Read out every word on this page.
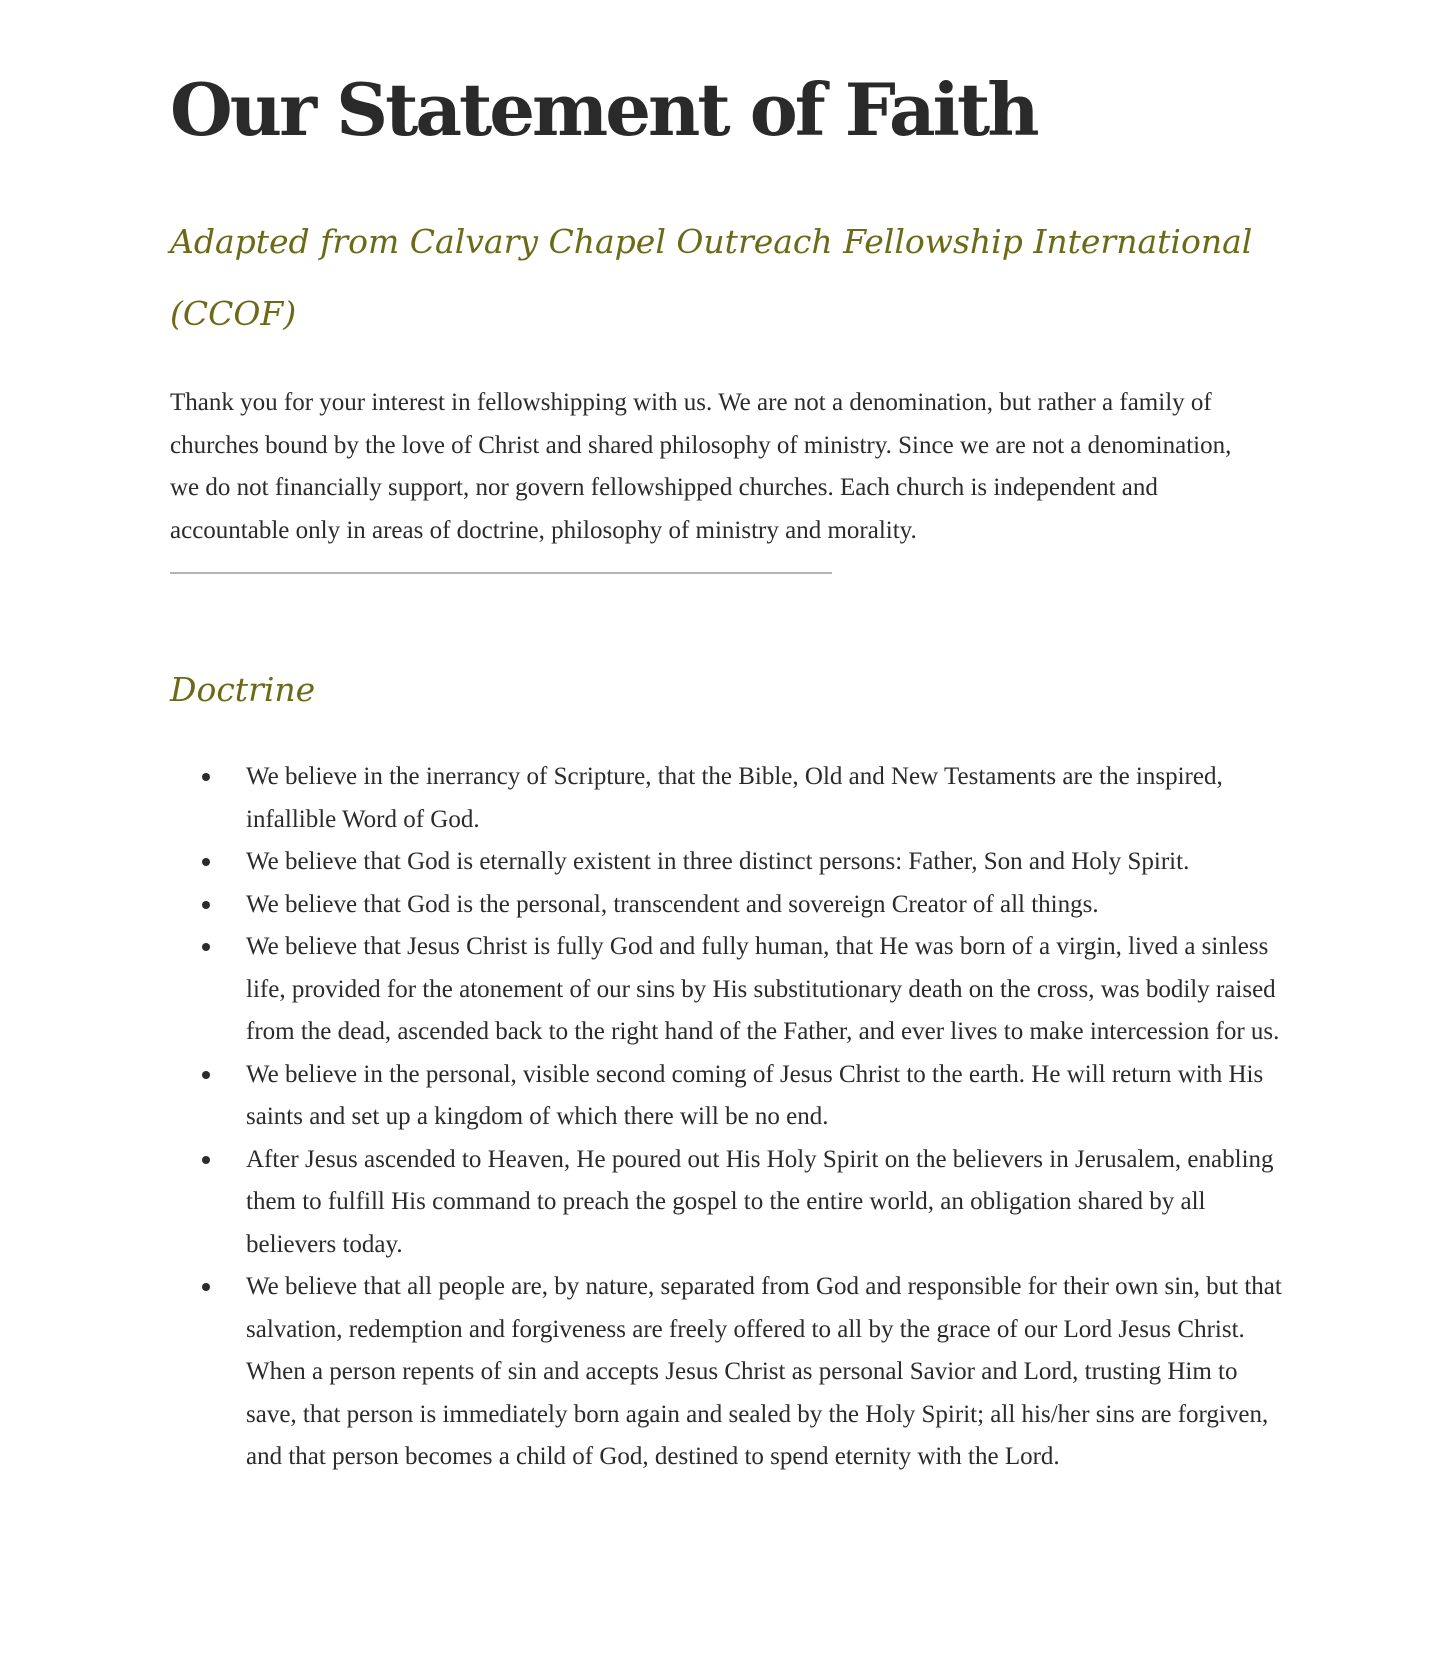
Our Statement of Faith
Adapted from Calvary Chapel Outreach Fellowship International (CCOF)

Thank you for your interest in fellowshipping with us. We are not a denomination, but rather a family of churches bound by the love of Christ and shared philosophy of ministry. Since we are not a denomination, we do not financially support, nor govern fellowshipped churches. Each church is independent and accountable only in areas of doctrine, philosophy of ministry and morality.

Doctrine
We believe in the inerrancy of Scripture, that the Bible, Old and New Testaments are the inspired, infallible Word of God.
We believe that God is eternally existent in three distinct persons: Father, Son and Holy Spirit.
We believe that God is the personal, transcendent and sovereign Creator of all things.
We believe that Jesus Christ is fully God and fully human, that He was born of a virgin, lived a sinless life, provided for the atonement of our sins by His substitutionary death on the cross, was bodily raised from the dead, ascended back to the right hand of the Father, and ever lives to make intercession for us.
We believe in the personal, visible second coming of Jesus Christ to the earth. He will return with His saints and set up a kingdom of which there will be no end.
After Jesus ascended to Heaven, He poured out His Holy Spirit on the believers in Jerusalem, enabling them to fulfill His command to preach the gospel to the entire world, an obligation shared by all believers today.
We believe that all people are, by nature, separated from God and responsible for their own sin, but that salvation, redemption and forgiveness are freely offered to all by the grace of our Lord Jesus Christ. When a person repents of sin and accepts Jesus Christ as personal Savior and Lord, trusting Him to save, that person is immediately born again and sealed by the Holy Spirit; all his/her sins are forgiven, and that person becomes a child of God, destined to spend eternity with the Lord.
